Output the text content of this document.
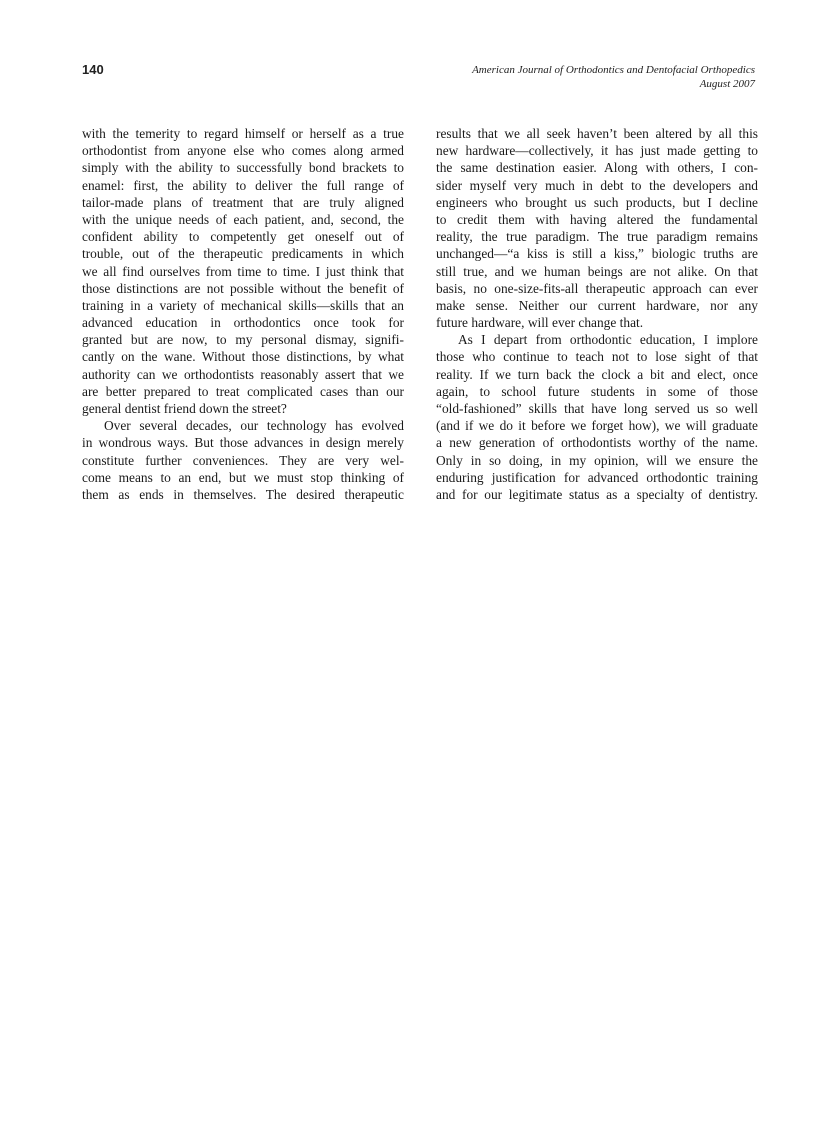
140	American Journal of Orthodontics and Dentofacial Orthopedics
August 2007
with the temerity to regard himself or herself as a true
orthodontist from anyone else who comes along armed
simply with the ability to successfully bond brackets to
enamel: first, the ability to deliver the full range of
tailor-made plans of treatment that are truly aligned
with the unique needs of each patient, and, second, the
confident ability to competently get oneself out of
trouble, out of the therapeutic predicaments in which
we all find ourselves from time to time. I just think that
those distinctions are not possible without the benefit of
training in a variety of mechanical skills—skills that an
advanced education in orthodontics once took for
granted but are now, to my personal dismay, signifi-
cantly on the wane. Without those distinctions, by what
authority can we orthodontists reasonably assert that we
are better prepared to treat complicated cases than our
general dentist friend down the street?
Over several decades, our technology has evolved
in wondrous ways. But those advances in design merely
constitute further conveniences. They are very wel-
come means to an end, but we must stop thinking of
them as ends in themselves. The desired therapeutic
results that we all seek haven’t been altered by all this
new hardware—collectively, it has just made getting to
the same destination easier. Along with others, I con-
sider myself very much in debt to the developers and
engineers who brought us such products, but I decline
to credit them with having altered the fundamental
reality, the true paradigm. The true paradigm remains
unchanged—“a kiss is still a kiss,” biologic truths are
still true, and we human beings are not alike. On that
basis, no one-size-fits-all therapeutic approach can ever
make sense. Neither our current hardware, nor any
future hardware, will ever change that.
As I depart from orthodontic education, I implore
those who continue to teach not to lose sight of that
reality. If we turn back the clock a bit and elect, once
again, to school future students in some of those
“old-fashioned” skills that have long served us so well
(and if we do it before we forget how), we will graduate
a new generation of orthodontists worthy of the name.
Only in so doing, in my opinion, will we ensure the
enduring justification for advanced orthodontic training
and for our legitimate status as a specialty of dentistry.
